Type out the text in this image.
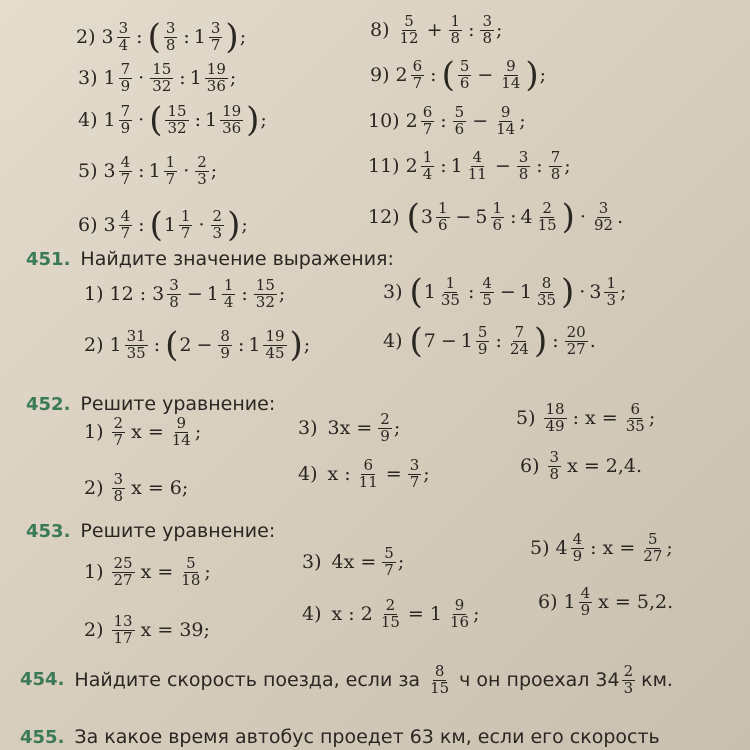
2) $3 \frac{3}{4}$ : ( $\frac{3}{8}$ : $1 \frac{3}{7}$ ) ;
3) $1 \frac{7}{9} \cdot \frac{15}{32}$ : $1 \frac{19}{36}$ ;
4) $1 \frac{7}{9}$ · ( $\frac{15}{32}$ : $1 \frac{19}{36}$ ) ;
5) $3 \frac{4}{7}$ : $1 \frac{1}{7} \cdot \frac{2}{3}$ ;
6) $3 \frac{4}{7}$ : ( $1 \frac{1}{7} \cdot \frac{2}{3}$ ) ;
$8) \frac{5}{12} + \frac{1}{8}$ : $\frac{3}{8}$ ;
9) $2 \frac{6}{7}$ : ( $\frac{5}{6} - \frac{9}{14}$ ) ;
10) $2 \frac{6}{7}$ : $\frac{5}{6} - \frac{9}{14}$ ;
11) $2 \frac{1}{4}$ : $1 \frac{4}{11} - \frac{3}{8}$ : $\frac{7}{8}$ ;
12) ( $3 \frac{1}{6} - 5 \frac{1}{6}$ : $4 \frac{2}{15}$ ) · $\frac{3}{92}$ .
451. Найдите значение выражения:
1) 12 : $3 \frac{3}{8} - 1 \frac{1}{4}$ : $\frac{15}{32}$ ;
2) $1 \frac{31}{35}$ : ( $2 - \frac{8}{9}$ : $1 \frac{19}{45}$ ) ;
3) ( $1 \frac{1}{35}$ : $\frac{4}{5} - 1 \frac{8}{35}$ ) · $3 \frac{1}{3}$ ;
4) ( $7 - 1 \frac{5}{9}$ : $\frac{7}{24}$ ) : $\frac{20}{27}$ .
452. Решите уравнение:
$1) \frac{2}{7}$ $x = \frac{9}{14}$ ;
$2) \frac{3}{8}$ x = 6;
3) $3x = \frac{2}{9}$ ;
4) x : $\frac{6}{11} = \frac{3}{7}$ ;
$5) \frac{18}{49}$ : $x = \frac{6}{35}$ ;
$6) \frac{3}{8}$ x = 2,4.
453. Решите уравнение:
$1) \frac{25}{27}$ $x = \frac{5}{18}$ ;
$2) \frac{13}{17}$ x = 39;
3) $4x = \frac{5}{7}$ ;
4) x : $2 \frac{2}{15} = 1 \frac{9}{16}$ ;
5) $4 \frac{4}{9}$ : $x = \frac{5}{27}$ ;
6) $1 \frac{4}{9}$ x = 5,2.
454. Найдите скорость поезда, если за $\frac{8}{15}$ ч он проехал $34 \frac{2}{3}$ км.
455. За какое время автобус проедет 63 км, если его скорость
